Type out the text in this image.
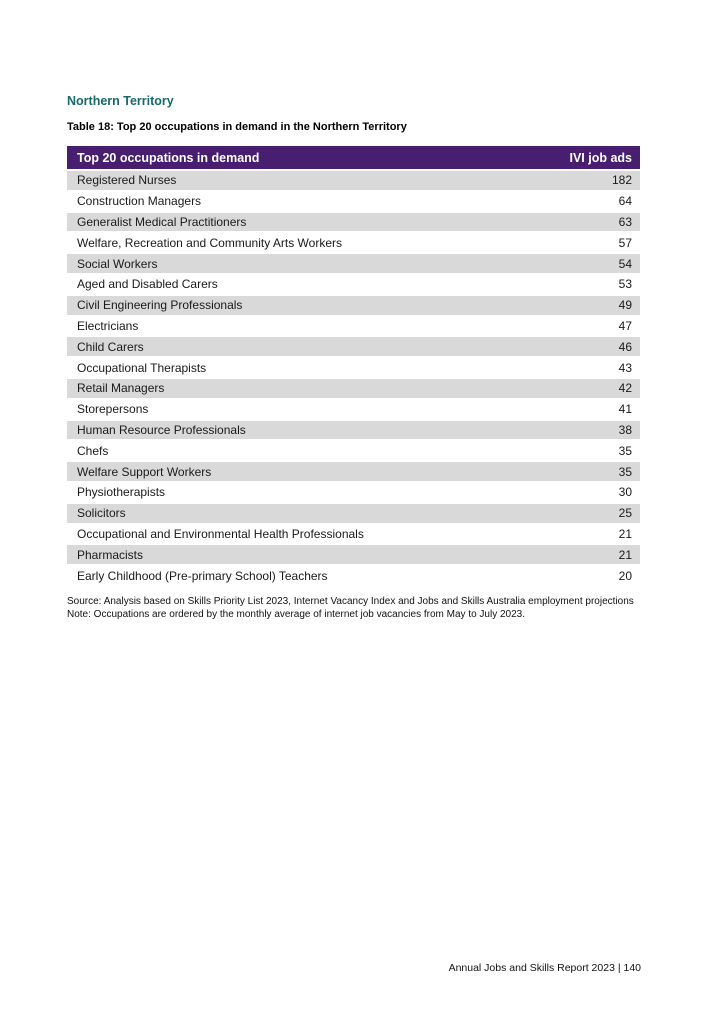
Northern Territory

Table 18: Top 20 occupations in demand in the Northern Territory

Top 20 occupations in demand	IVI job ads
Registered Nurses	182
Construction Managers	64
Generalist Medical Practitioners	63
Welfare, Recreation and Community Arts Workers	57
Social Workers	54
Aged and Disabled Carers	53
Civil Engineering Professionals	49
Electricians	47
Child Carers	46
Occupational Therapists	43
Retail Managers	42
Storepersons	41
Human Resource Professionals	38
Chefs	35
Welfare Support Workers	35
Physiotherapists	30
Solicitors	25
Occupational and Environmental Health Professionals	21
Pharmacists	21
Early Childhood (Pre-primary School) Teachers	20

Source: Analysis based on Skills Priority List 2023, Internet Vacancy Index and Jobs and Skills Australia employment projections

Note: Occupations are ordered by the monthly average of internet job vacancies from May to July 2023.

Annual Jobs and Skills Report 2023 | 140
